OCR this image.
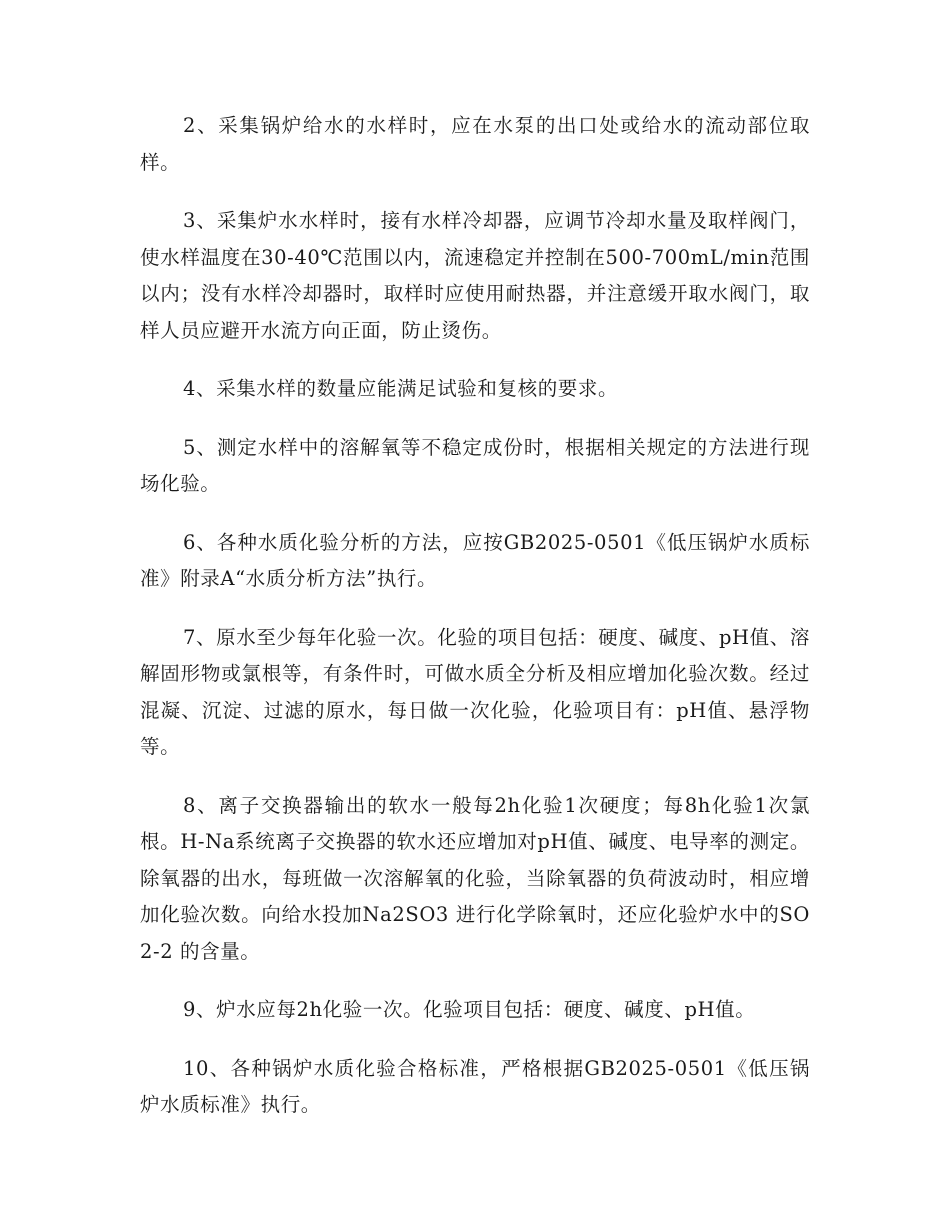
2、采集锅炉给水的水样时，应在水泵的出口处或给水的流动部位取样。

3、采集炉水水样时，接有水样冷却器，应调节冷却水量及取样阀门，使水样温度在30-40℃范围以内，流速稳定并控制在500-700mL/min范围以内；没有水样冷却器时，取样时应使用耐热器，并注意缓开取水阀门，取样人员应避开水流方向正面，防止烫伤。

4、采集水样的数量应能满足试验和复核的要求。

5、测定水样中的溶解氧等不稳定成份时，根据相关规定的方法进行现场化验。

6、各种水质化验分析的方法，应按GB2025-0501《低压锅炉水质标准》附录A“水质分析方法”执行。

7、原水至少每年化验一次。化验的项目包括：硬度、碱度、pH值、溶解固形物或氯根等，有条件时，可做水质全分析及相应增加化验次数。经过混凝、沉淀、过滤的原水，每日做一次化验，化验项目有：pH值、悬浮物等。

8、离子交换器输出的软水一般每2h化验1次硬度；每8h化验1次氯根。H-Na系统离子交换器的软水还应增加对pH值、碱度、电导率的测定。除氧器的出水，每班做一次溶解氧的化验，当除氧器的负荷波动时，相应增加化验次数。向给水投加Na2SO3 进行化学除氧时，还应化验炉水中的SO2-2 的含量。

9、炉水应每2h化验一次。化验项目包括：硬度、碱度、pH值。

10、各种锅炉水质化验合格标准，严格根据GB2025-0501《低压锅炉水质标准》执行。
